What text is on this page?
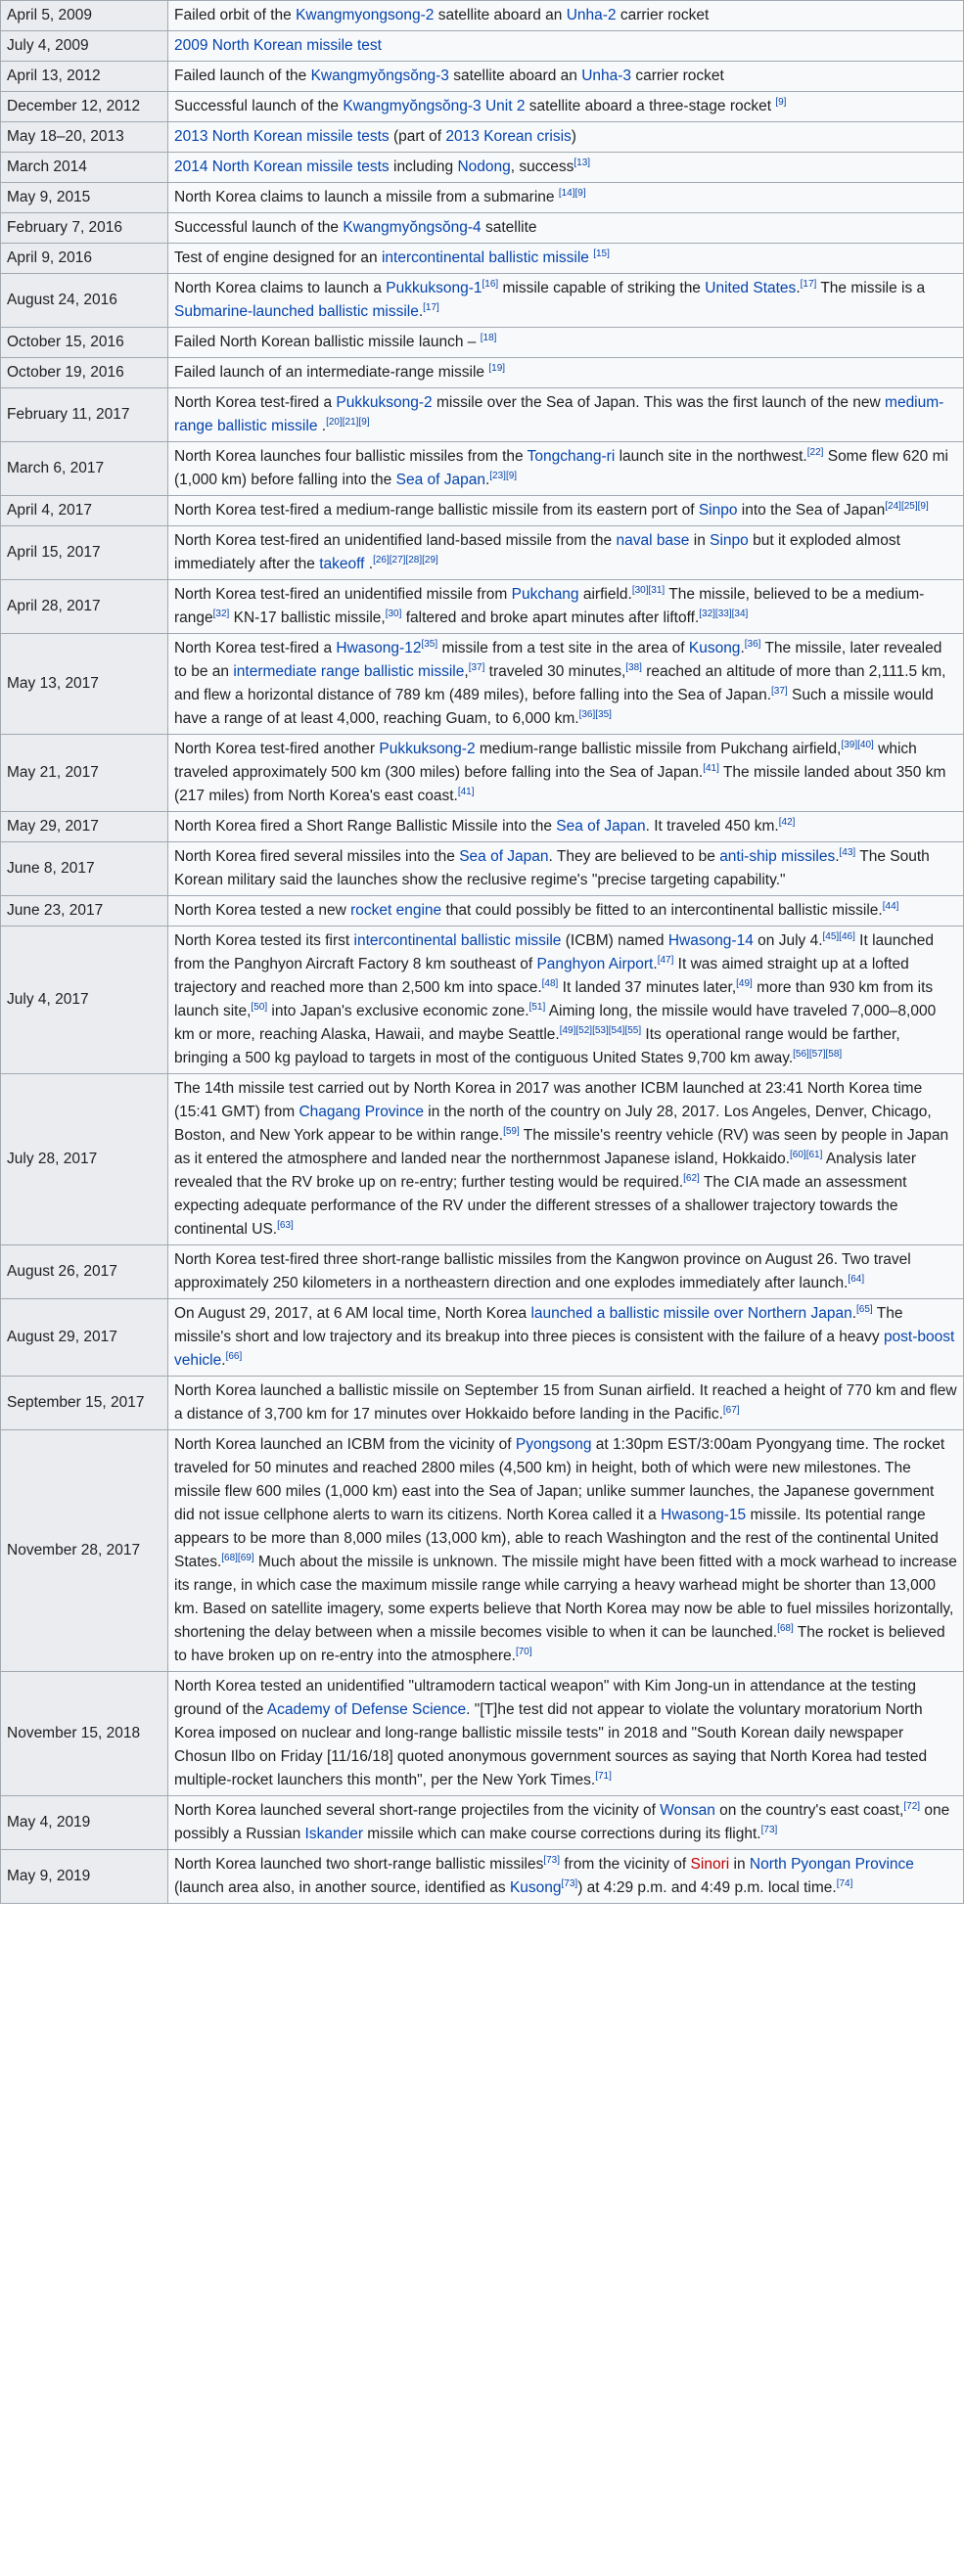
April 5, 2009	Failed orbit of the Kwangmyongsong-2 satellite aboard an Unha-2 carrier rocket
July 4, 2009	2009 North Korean missile test
April 13, 2012	Failed launch of the Kwangmyŏngsŏng-3 satellite aboard an Unha-3 carrier rocket
December 12, 2012	Successful launch of the Kwangmyŏngsŏng-3 Unit 2 satellite aboard a three-stage rocket [9]
May 18–20, 2013	2013 North Korean missile tests (part of 2013 Korean crisis)
March 2014	2014 North Korean missile tests including Nodong, success[13]
May 9, 2015	North Korea claims to launch a missile from a submarine [14][9]
February 7, 2016	Successful launch of the Kwangmyŏngsŏng-4 satellite
April 9, 2016	Test of engine designed for an intercontinental ballistic missile [15]
August 24, 2016	North Korea claims to launch a Pukkuksong-1[16] missile capable of striking the United States.[17] The missile is a Submarine-launched ballistic missile.[17]
October 15, 2016	Failed North Korean ballistic missile launch – [18]
October 19, 2016	Failed launch of an intermediate-range missile [19]
February 11, 2017	North Korea test-fired a Pukkuksong-2 missile over the Sea of Japan. This was the first launch of the new medium-range ballistic missile .[20][21][9]
March 6, 2017	North Korea launches four ballistic missiles from the Tongchang-ri launch site in the northwest.[22] Some flew 620 mi (1,000 km) before falling into the Sea of Japan.[23][9]
April 4, 2017	North Korea test-fired a medium-range ballistic missile from its eastern port of Sinpo into the Sea of Japan[24][25][9]
April 15, 2017	North Korea test-fired an unidentified land-based missile from the naval base in Sinpo but it exploded almost immediately after the takeoff .[26][27][28][29]
April 28, 2017	North Korea test-fired an unidentified missile from Pukchang airfield.[30][31] The missile, believed to be a medium-range[32] KN-17 ballistic missile,[30] faltered and broke apart minutes after liftoff.[32][33][34]
May 13, 2017	North Korea test-fired a Hwasong-12[35] missile from a test site in the area of Kusong.[36] The missile, later revealed to be an intermediate range ballistic missile,[37] traveled 30 minutes,[38] reached an altitude of more than 2,111.5 km, and flew a horizontal distance of 789 km (489 miles), before falling into the Sea of Japan.[37] Such a missile would have a range of at least 4,000, reaching Guam, to 6,000 km.[36][35]
May 21, 2017	North Korea test-fired another Pukkuksong-2 medium-range ballistic missile from Pukchang airfield,[39][40] which traveled approximately 500 km (300 miles) before falling into the Sea of Japan.[41] The missile landed about 350 km (217 miles) from North Korea's east coast.[41]
May 29, 2017	North Korea fired a Short Range Ballistic Missile into the Sea of Japan. It traveled 450 km.[42]
June 8, 2017	North Korea fired several missiles into the Sea of Japan. They are believed to be anti-ship missiles.[43] The South Korean military said the launches show the reclusive regime's "precise targeting capability."
June 23, 2017	North Korea tested a new rocket engine that could possibly be fitted to an intercontinental ballistic missile.[44]
July 4, 2017	North Korea tested its first intercontinental ballistic missile (ICBM) named Hwasong-14 on July 4.[45][46] It launched from the Panghyon Aircraft Factory 8 km southeast of Panghyon Airport.[47] It was aimed straight up at a lofted trajectory and reached more than 2,500 km into space.[48] It landed 37 minutes later,[49] more than 930 km from its launch site,[50] into Japan's exclusive economic zone.[51] Aiming long, the missile would have traveled 7,000–8,000 km or more, reaching Alaska, Hawaii, and maybe Seattle.[49][52][53][54][55] Its operational range would be farther, bringing a 500 kg payload to targets in most of the contiguous United States 9,700 km away.[56][57][58]
July 28, 2017	The 14th missile test carried out by North Korea in 2017 was another ICBM launched at 23:41 North Korea time (15:41 GMT) from Chagang Province in the north of the country on July 28, 2017. Los Angeles, Denver, Chicago, Boston, and New York appear to be within range.[59] The missile's reentry vehicle (RV) was seen by people in Japan as it entered the atmosphere and landed near the northernmost Japanese island, Hokkaido.[60][61] Analysis later revealed that the RV broke up on re-entry; further testing would be required.[62] The CIA made an assessment expecting adequate performance of the RV under the different stresses of a shallower trajectory towards the continental US.[63]
August 26, 2017	North Korea test-fired three short-range ballistic missiles from the Kangwon province on August 26. Two travel approximately 250 kilometers in a northeastern direction and one explodes immediately after launch.[64]
August 29, 2017	On August 29, 2017, at 6 AM local time, North Korea launched a ballistic missile over Northern Japan.[65] The missile's short and low trajectory and its breakup into three pieces is consistent with the failure of a heavy post-boost vehicle.[66]
September 15, 2017	North Korea launched a ballistic missile on September 15 from Sunan airfield. It reached a height of 770 km and flew a distance of 3,700 km for 17 minutes over Hokkaido before landing in the Pacific.[67]
November 28, 2017	North Korea launched an ICBM from the vicinity of Pyongsong at 1:30pm EST/3:00am Pyongyang time. The rocket traveled for 50 minutes and reached 2800 miles (4,500 km) in height, both of which were new milestones. The missile flew 600 miles (1,000 km) east into the Sea of Japan; unlike summer launches, the Japanese government did not issue cellphone alerts to warn its citizens. North Korea called it a Hwasong-15 missile. Its potential range appears to be more than 8,000 miles (13,000 km), able to reach Washington and the rest of the continental United States.[68][69] Much about the missile is unknown. The missile might have been fitted with a mock warhead to increase its range, in which case the maximum missile range while carrying a heavy warhead might be shorter than 13,000 km. Based on satellite imagery, some experts believe that North Korea may now be able to fuel missiles horizontally, shortening the delay between when a missile becomes visible to when it can be launched.[68] The rocket is believed to have broken up on re-entry into the atmosphere.[70]
November 15, 2018	North Korea tested an unidentified "ultramodern tactical weapon" with Kim Jong-un in attendance at the testing ground of the Academy of Defense Science. "[T]he test did not appear to violate the voluntary moratorium North Korea imposed on nuclear and long-range ballistic missile tests" in 2018 and "South Korean daily newspaper Chosun Ilbo on Friday [11/16/18] quoted anonymous government sources as saying that North Korea had tested multiple-rocket launchers this month", per the New York Times.[71]
May 4, 2019	North Korea launched several short-range projectiles from the vicinity of Wonsan on the country's east coast,[72] one possibly a Russian Iskander missile which can make course corrections during its flight.[73]
May 9, 2019	North Korea launched two short-range ballistic missiles[73] from the vicinity of Sinori in North Pyongan Province (launch area also, in another source, identified as Kusong[73]) at 4:29 p.m. and 4:49 p.m. local time.[74]
